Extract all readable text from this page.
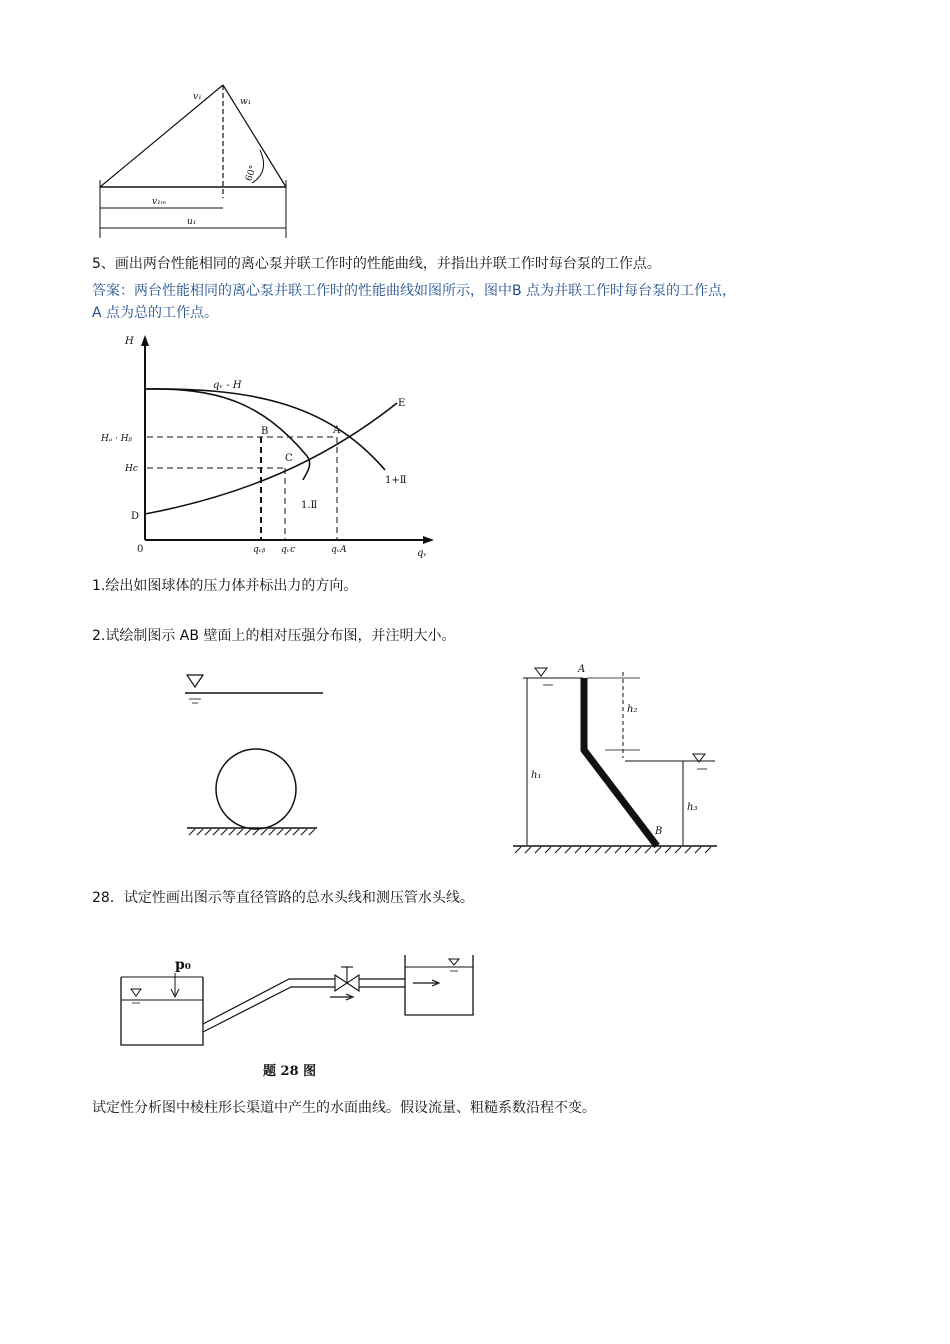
v₁	w₁
60°
v₁ₘ
u₁
5、画出两台性能相同的离心泵并联工作时的性能曲线，并指出并联工作时每台泵的工作点。
答案：两台性能相同的离心泵并联工作时的性能曲线如图所示，图中B 点为并联工作时每台泵的工作点，
A 点为总的工作点。
H
qᵥ
0
qᵥ - H
1+Ⅱ
1.Ⅱ
E
A
B
C
D
Hₐ · Hᵦ
Hc
qᵥᵦ qᵥc	qᵥA
1.绘出如图球体的压力体并标出力的方向。
2.试绘制图示 AB 壁面上的相对压强分布图，并注明大小。
A
B
h₁
h₂
h₃
28．试定性画出图示等直径管路的总水头线和测压管水头线。
p₀
题 28 图
试定性分析图中棱柱形长渠道中产生的水面曲线。假设流量、粗糙系数沿程不变。
